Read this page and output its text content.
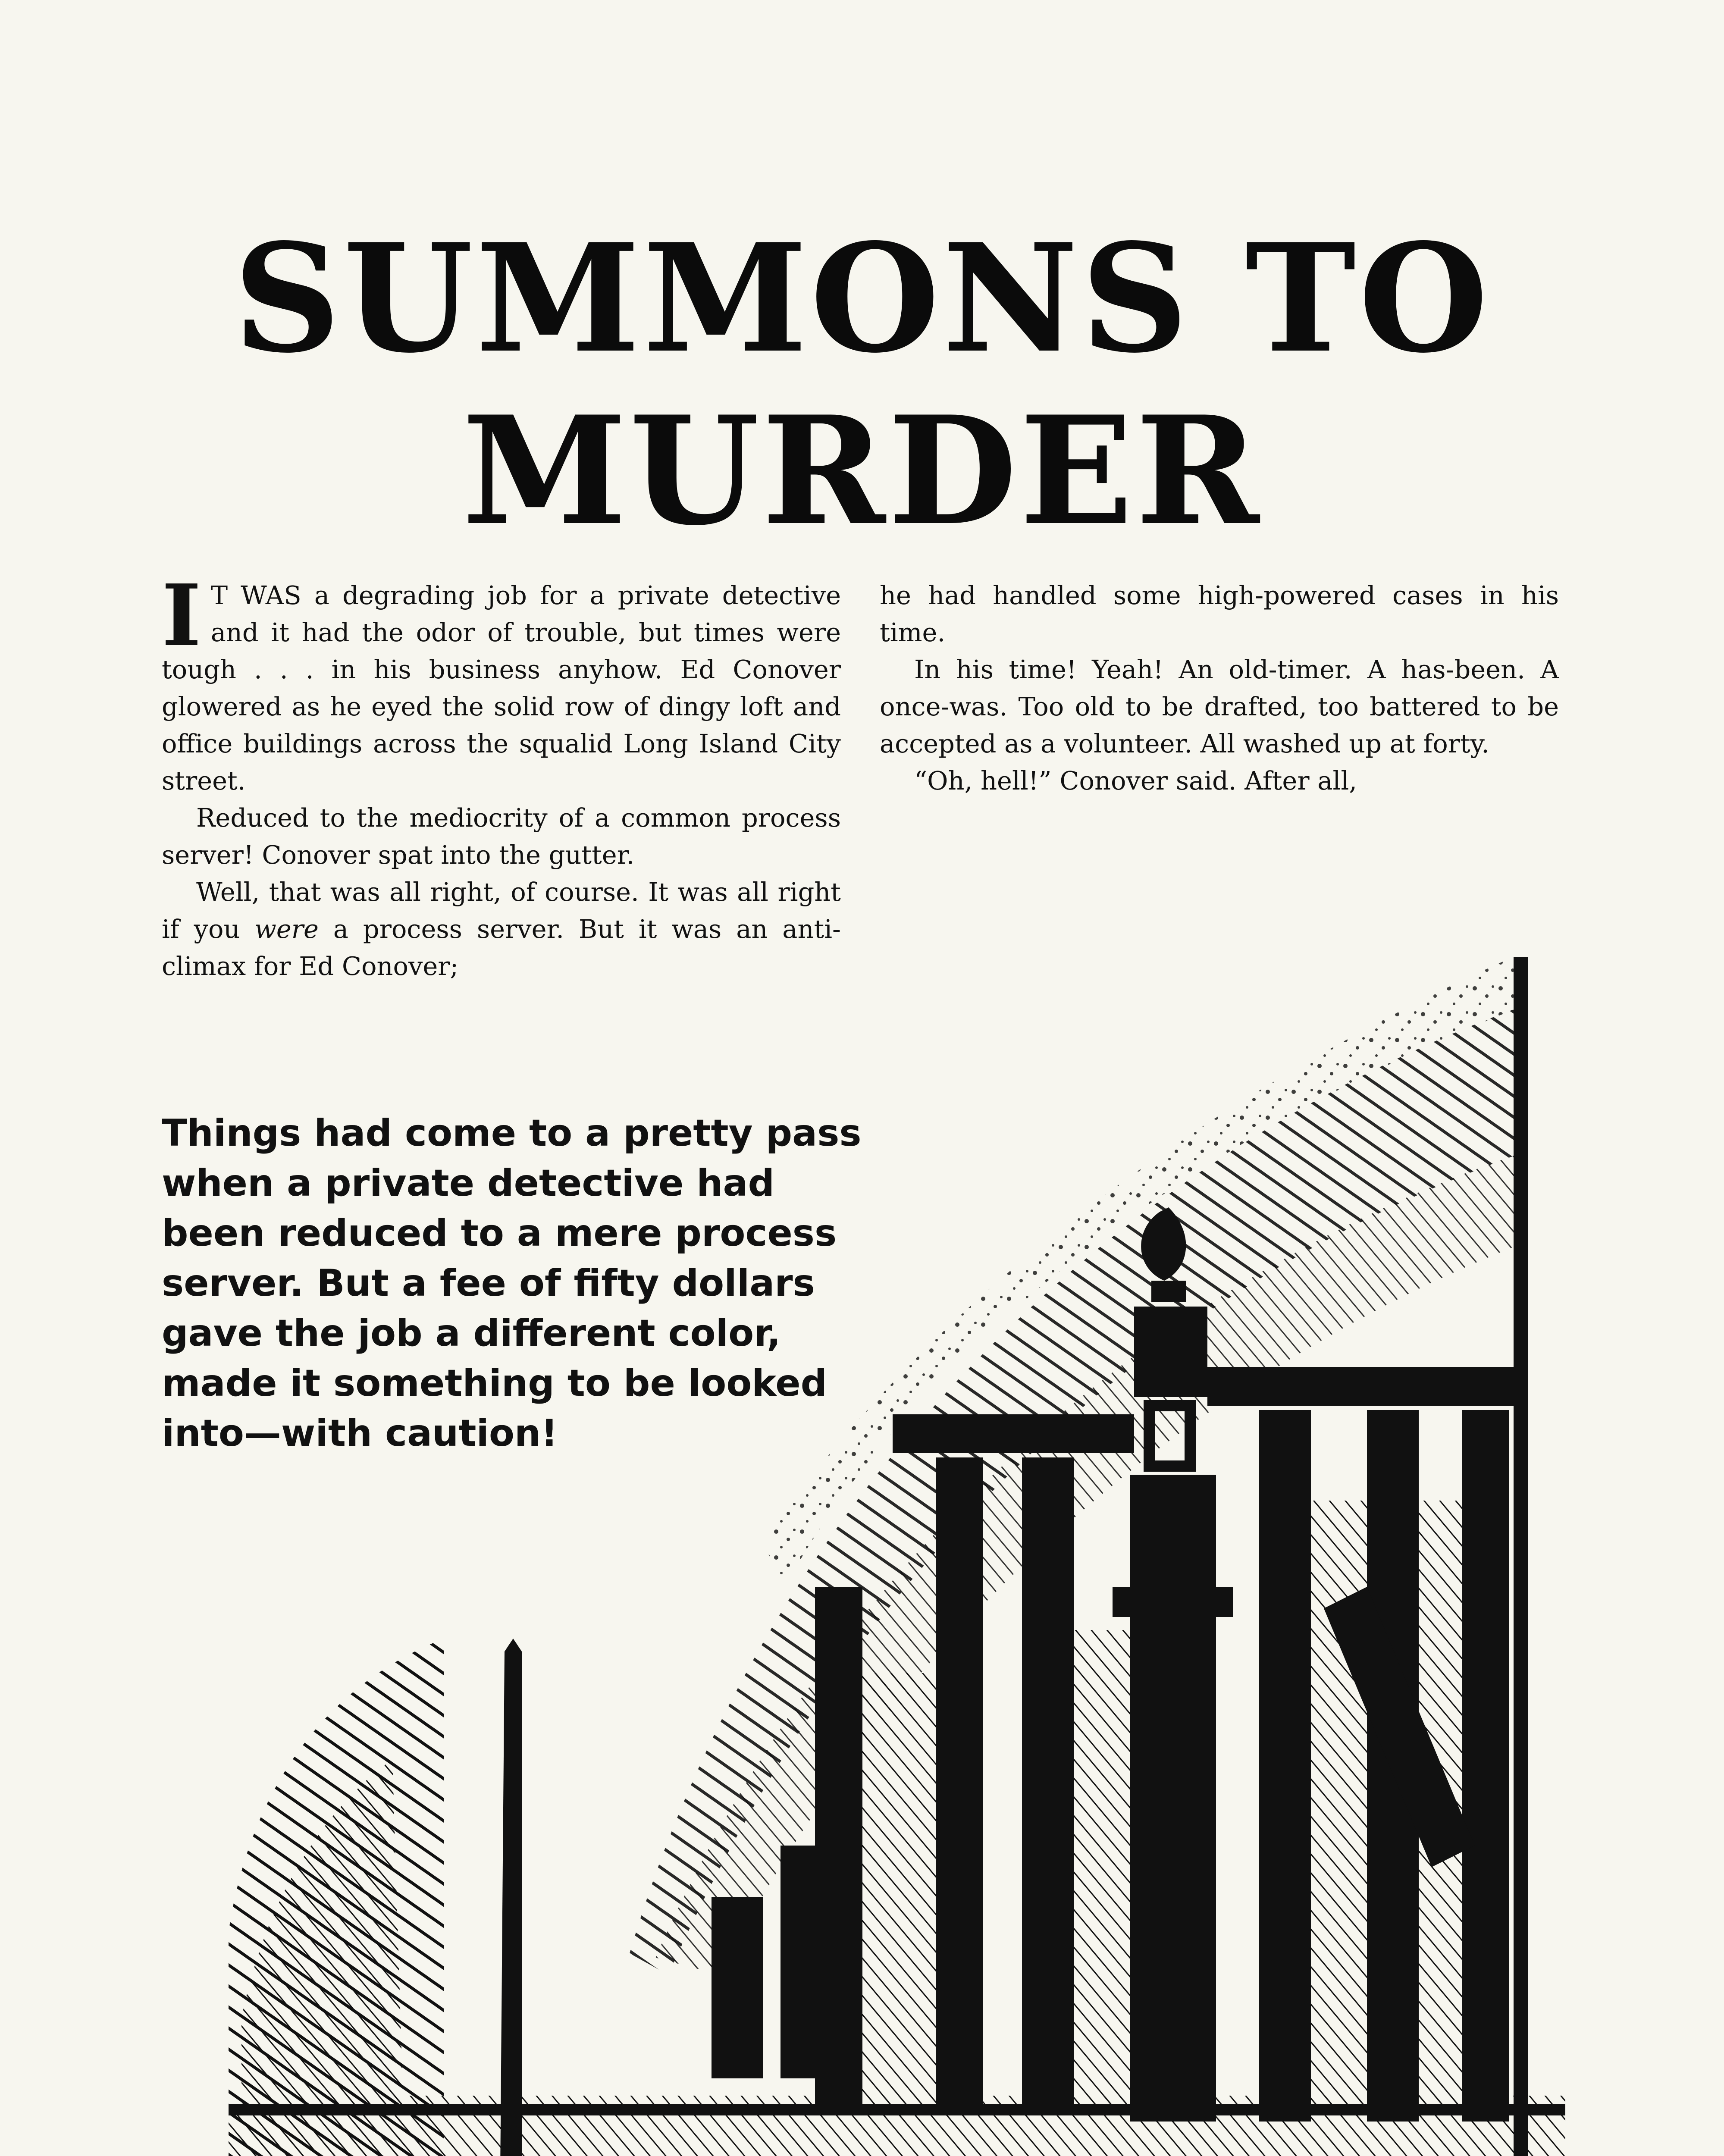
SUMMONS TO
MURDER

I T WAS a degrading job for a private detective and it had the odor of trouble, but times were tough . . . in his business anyhow. Ed Conover glowered as he eyed the solid row of dingy loft and office buildings across the squalid Long Island City street.

Reduced to the mediocrity of a common process server! Conover spat into the gutter.

Well, that was all right, of course. It was all right if you were a process server. But it was an anti-climax for Ed Conover;

he had handled some high-powered cases in his time.

In his time! Yeah! An old-timer. A has-been. A once-was. Too old to be drafted, too battered to be accepted as a volunteer. All washed up at forty.

“Oh, hell!” Conover said. After all,

Things had come to a pretty pass when a private detective had been reduced to a mere process server. But a fee of fifty dollars gave the job a different color, made it something to be looked into—with caution!
